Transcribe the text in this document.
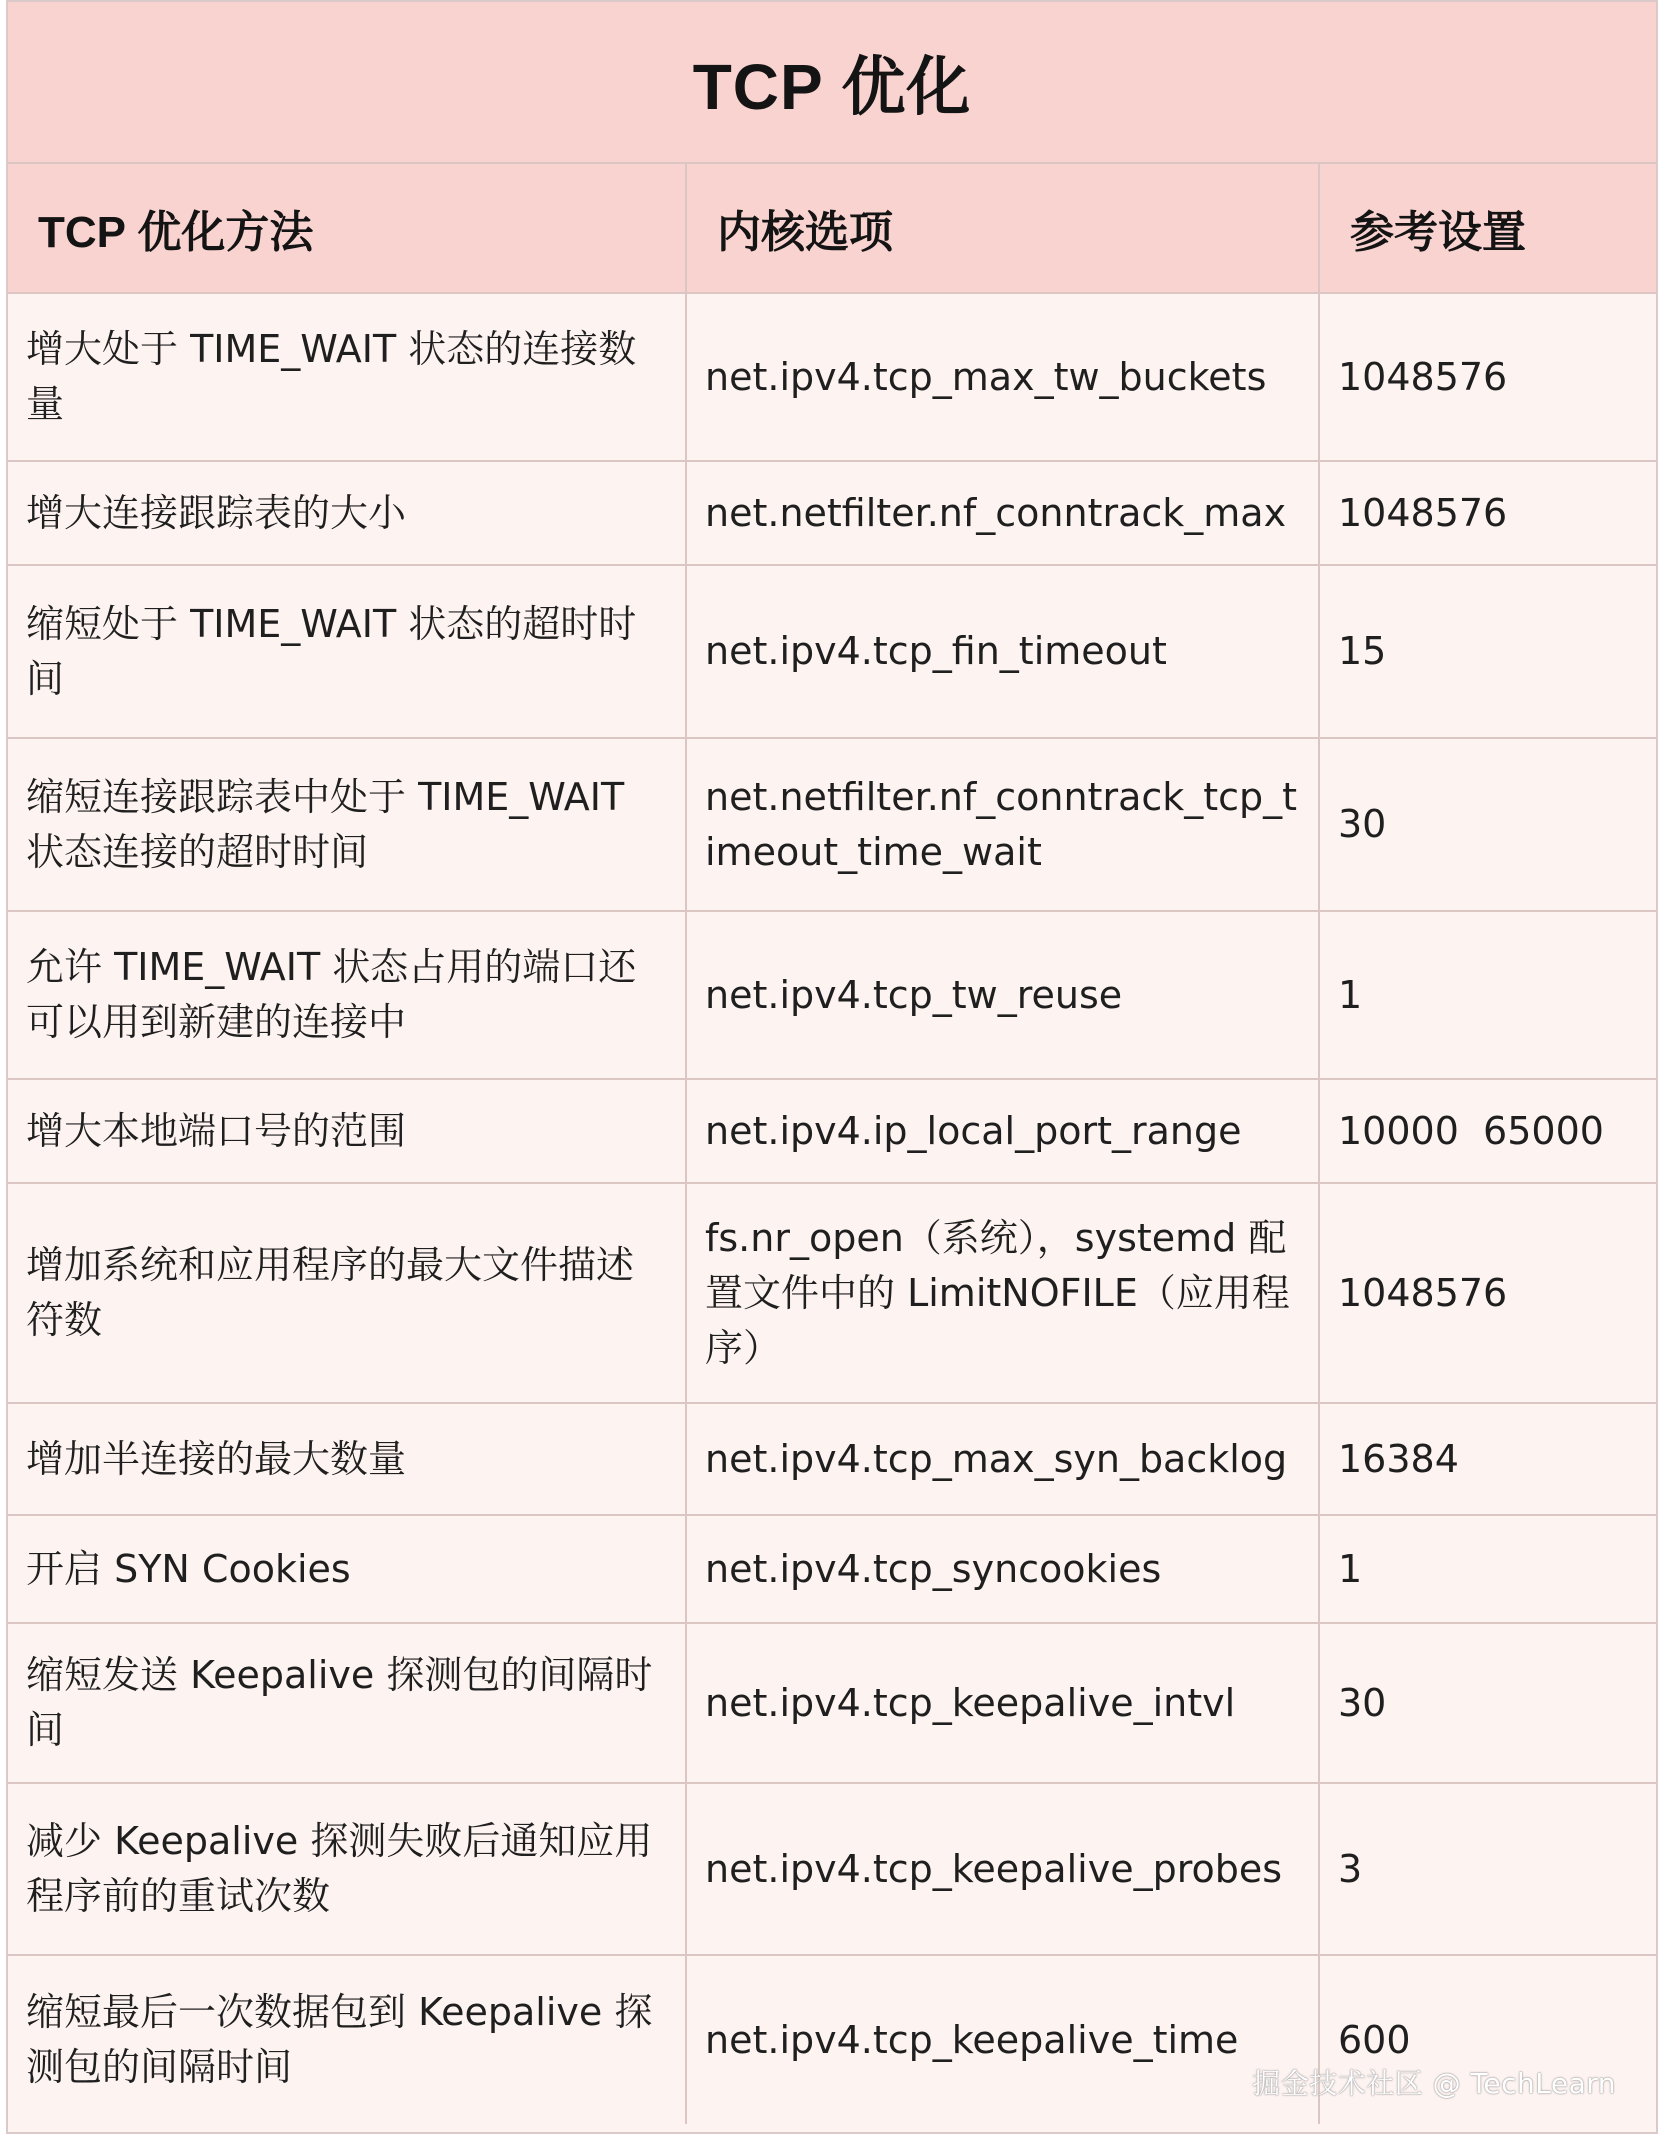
TCP 优化
TCP 优化方法	内核选项	参考设置
增大处于 TIME_WAIT 状态的连接数量	net.ipv4.tcp_max_tw_buckets	1048576
增大连接跟踪表的大小	net.netfilter.nf_conntrack_max	1048576
缩短处于 TIME_WAIT 状态的超时时间	net.ipv4.tcp_fin_timeout	15
缩短连接跟踪表中处于 TIME_WAIT 状态连接的超时时间	net.netfilter.nf_conntrack_tcp_timeout_time_wait	30
允许 TIME_WAIT 状态占用的端口还可以用到新建的连接中	net.ipv4.tcp_tw_reuse	1
增大本地端口号的范围	net.ipv4.ip_local_port_range	10000  65000
增加系统和应用程序的最大文件描述符数	fs.nr_open（系统），systemd 配置文件中的 LimitNOFILE（应用程序）	1048576
增加半连接的最大数量	net.ipv4.tcp_max_syn_backlog	16384
开启 SYN Cookies	net.ipv4.tcp_syncookies	1
缩短发送 Keepalive 探测包的间隔时间	net.ipv4.tcp_keepalive_intvl	30
减少 Keepalive 探测失败后通知应用程序前的重试次数	net.ipv4.tcp_keepalive_probes	3
缩短最后一次数据包到 Keepalive 探测包的间隔时间	net.ipv4.tcp_keepalive_time	600
掘金技术社区 @ TechLearn
